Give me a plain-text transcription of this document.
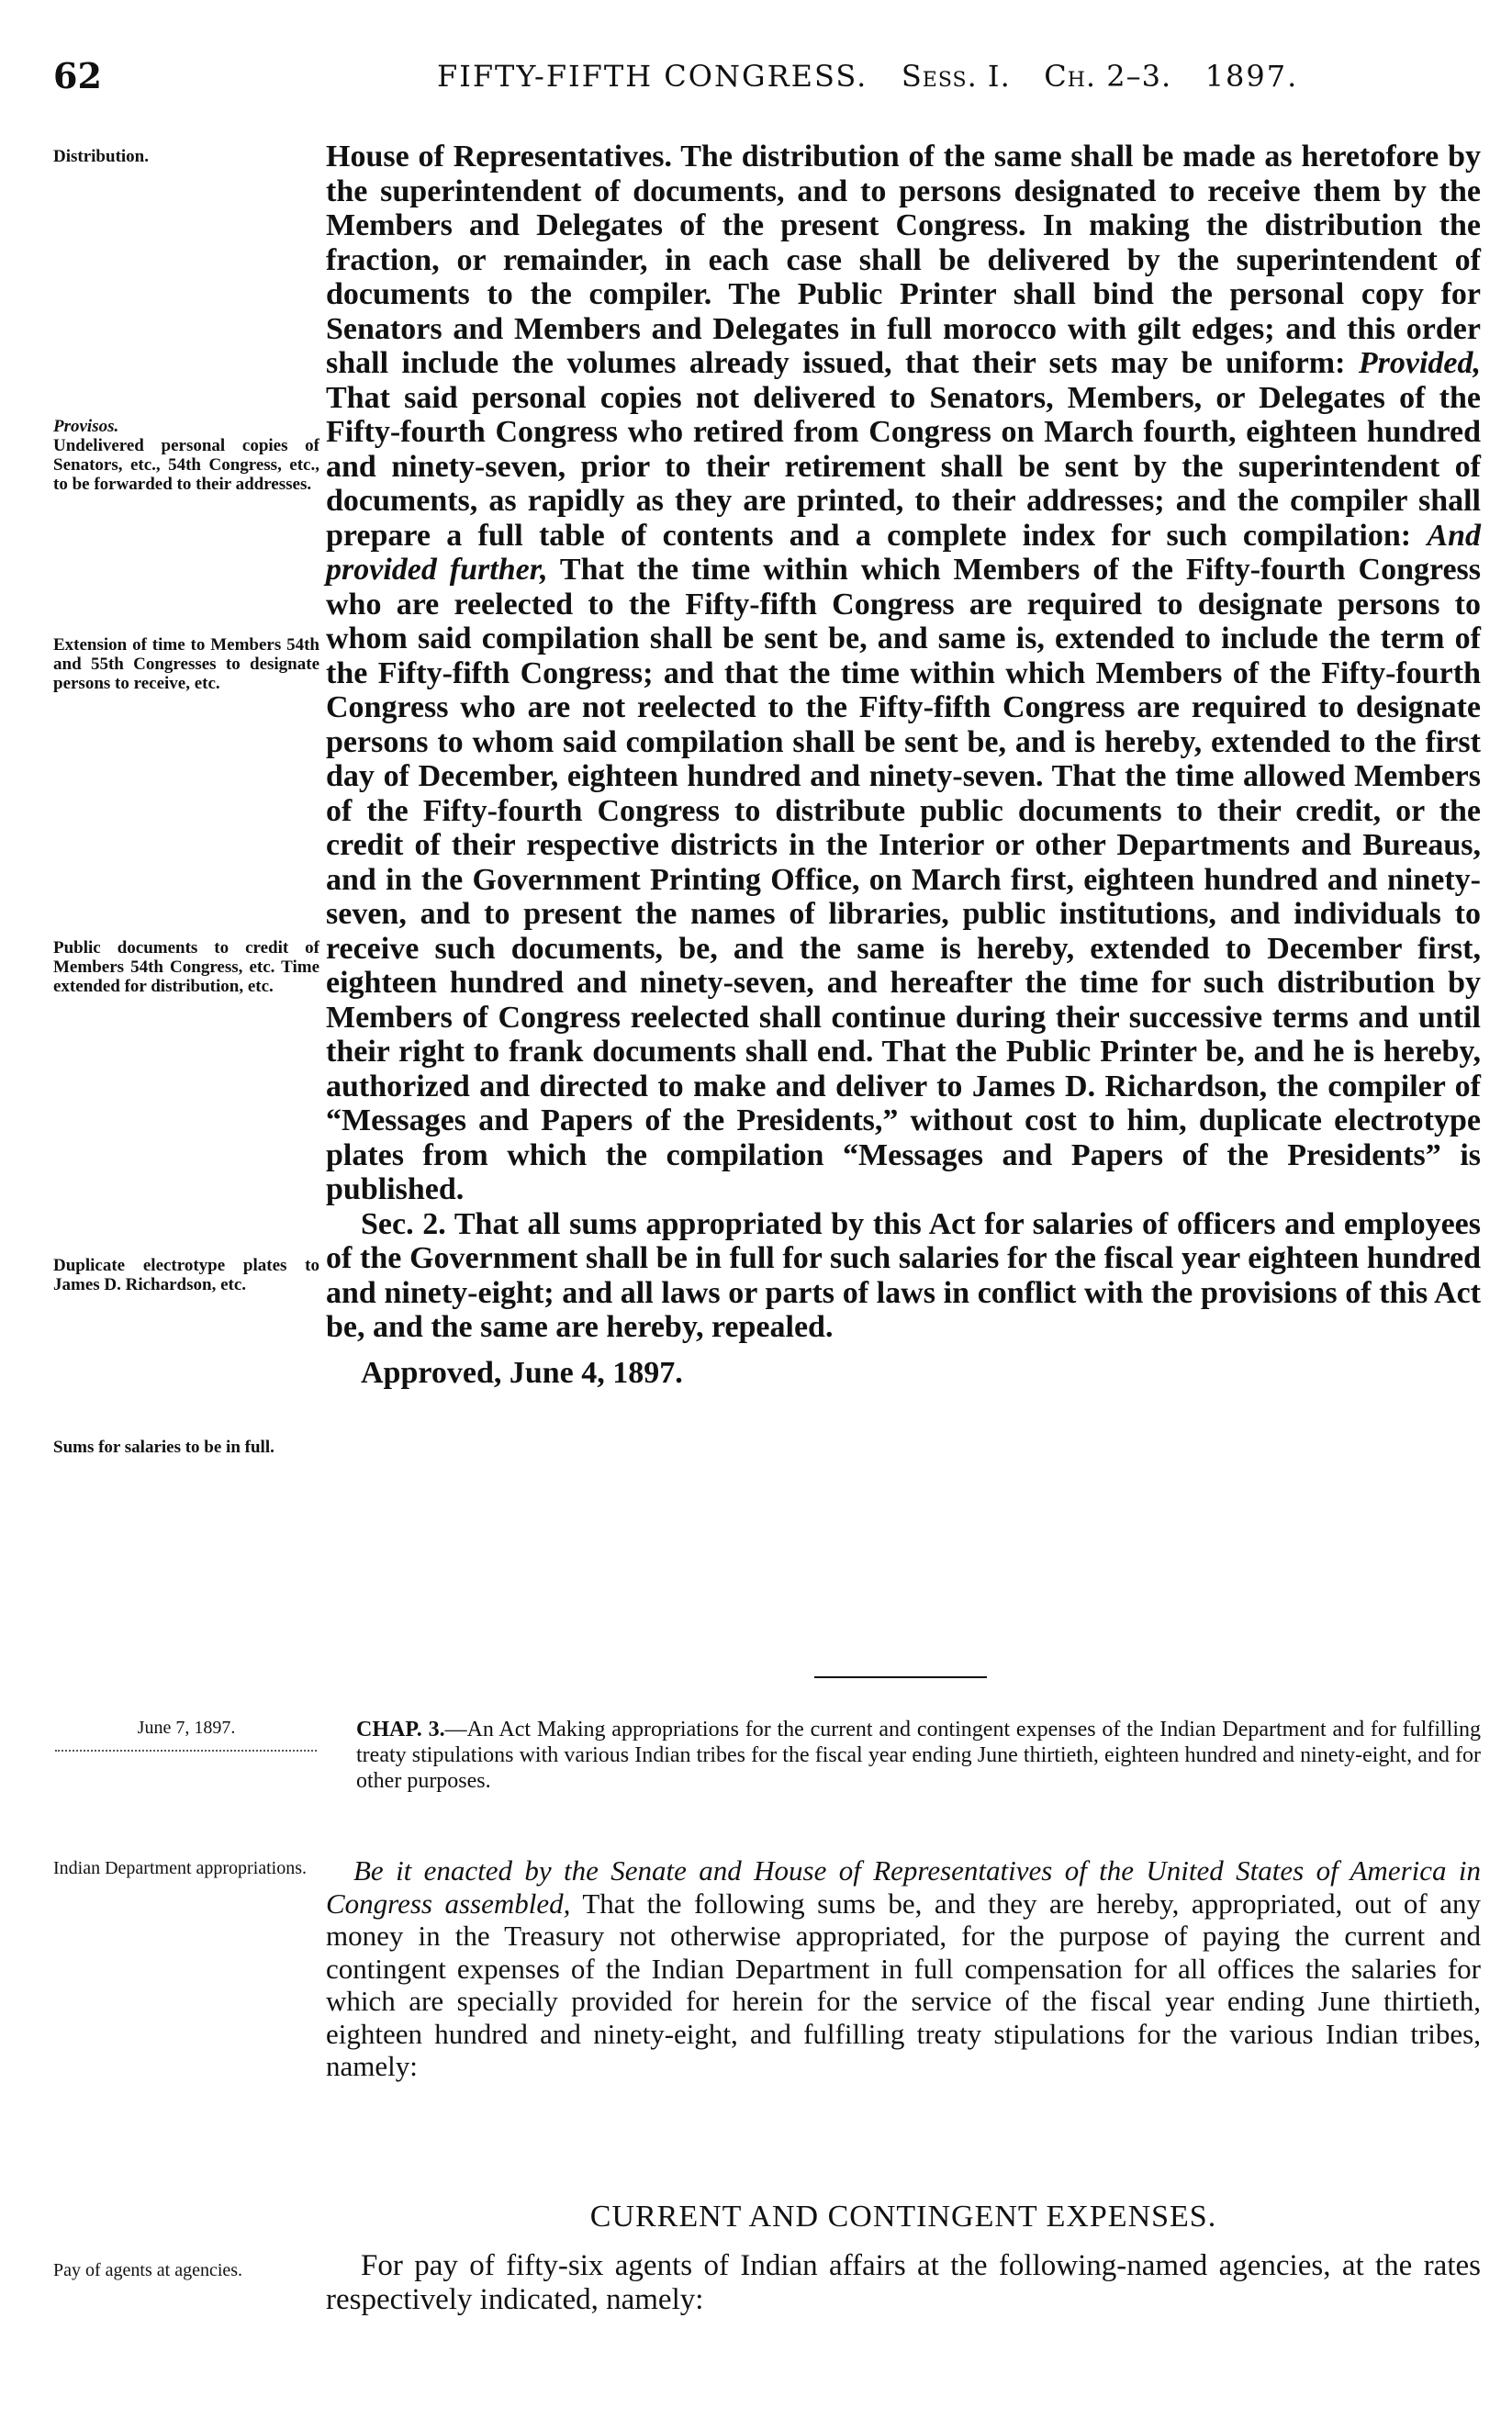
62	FIFTY-FIFTH CONGRESS. Sess. I. Ch. 2–3. 1897.
Distribution.
Provisos.
Undelivered personal copies of Senators, etc., 54th Congress, etc., to be forwarded to their addresses.
Extension of time to Members 54th and 55th Congresses to designate persons to receive, etc.
Public documents to credit of Members 54th Congress, etc. Time extended for distribution, etc.
Duplicate electrotype plates to James D. Richardson, etc.
Sums for salaries to be in full.
June 7, 1897.
Indian Department appropriations.
Pay of agents at agencies.

House of Representatives. The distribution of the same shall be made as heretofore by the superintendent of documents, and to persons designated to receive them by the Members and Delegates of the present Congress. In making the distribution the fraction, or remainder, in each case shall be delivered by the superintendent of documents to the compiler. The Public Printer shall bind the personal copy for Senators and Members and Delegates in full morocco with gilt edges; and this order shall include the volumes already issued, that their sets may be uniform: Provided, That said personal copies not delivered to Senators, Members, or Delegates of the Fifty-fourth Congress who retired from Congress on March fourth, eighteen hundred and ninety-seven, prior to their retirement shall be sent by the superintendent of documents, as rapidly as they are printed, to their addresses; and the compiler shall prepare a full table of contents and a complete index for such compilation: And provided further, That the time within which Members of the Fifty-fourth Congress who are reelected to the Fifty-fifth Congress are required to designate persons to whom said compilation shall be sent be, and same is, extended to include the term of the Fifty-fifth Congress; and that the time within which Members of the Fifty-fourth Congress who are not reelected to the Fifty-fifth Congress are required to designate persons to whom said compilation shall be sent be, and is hereby, extended to the first day of December, eighteen hundred and ninety-seven. That the time allowed Members of the Fifty-fourth Congress to distribute public documents to their credit, or the credit of their respective districts in the Interior or other Departments and Bureaus, and in the Government Printing Office, on March first, eighteen hundred and ninety-seven, and to present the names of libraries, public institutions, and individuals to receive such documents, be, and the same is hereby, extended to December first, eighteen hundred and ninety-seven, and hereafter the time for such distribution by Members of Congress reelected shall continue during their successive terms and until their right to frank documents shall end. That the Public Printer be, and he is hereby, authorized and directed to make and deliver to James D. Richardson, the compiler of “Messages and Papers of the Presidents,” without cost to him, duplicate electrotype plates from which the compilation “Messages and Papers of the Presidents” is published.

Sec. 2. That all sums appropriated by this Act for salaries of officers and employees of the Government shall be in full for such salaries for the fiscal year eighteen hundred and ninety-eight; and all laws or parts of laws in conflict with the provisions of this Act be, and the same are hereby, repealed.

Approved, June 4, 1897.

CHAP. 3.—An Act Making appropriations for the current and contingent expenses of the Indian Department and for fulfilling treaty stipulations with various Indian tribes for the fiscal year ending June thirtieth, eighteen hundred and ninety-eight, and for other purposes.

Be it enacted by the Senate and House of Representatives of the United States of America in Congress assembled, That the following sums be, and they are hereby, appropriated, out of any money in the Treasury not otherwise appropriated, for the purpose of paying the current and contingent expenses of the Indian Department in full compensation for all offices the salaries for which are specially provided for herein for the service of the fiscal year ending June thirtieth, eighteen hundred and ninety-eight, and fulfilling treaty stipulations for the various Indian tribes, namely:

CURRENT AND CONTINGENT EXPENSES.

For pay of fifty-six agents of Indian affairs at the following-named agencies, at the rates respectively indicated, namely:
